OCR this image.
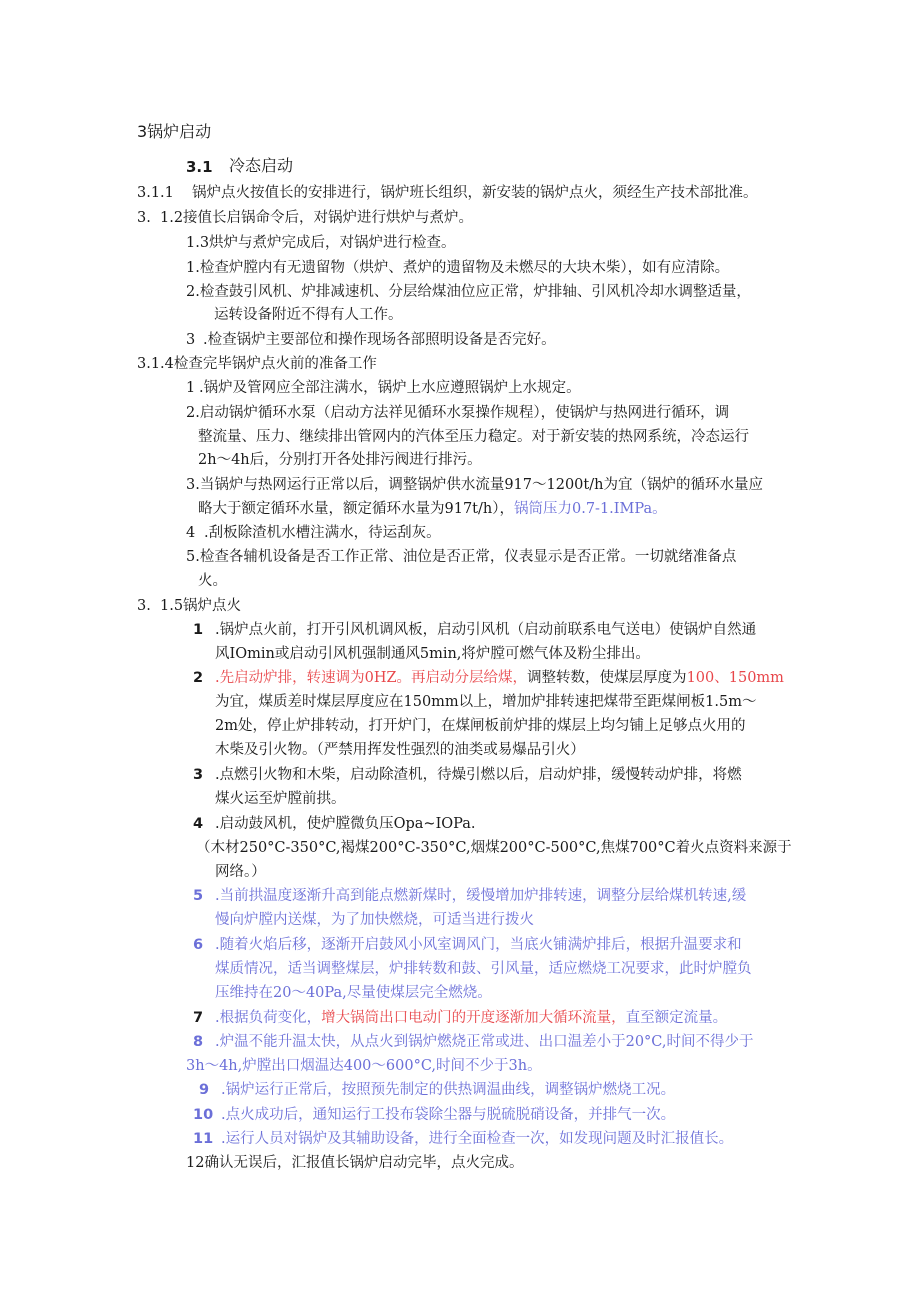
3锅炉启动
3.1 冷态启动
3.1.1 锅炉点火按值长的安排进行，锅炉班长组织，新安装的锅炉点火，须经生产技术部批准。
3. 1.2接值长启锅命令后，对锅炉进行烘炉与煮炉。
1.3烘炉与煮炉完成后，对锅炉进行检查。
1.检查炉膛内有无遗留物（烘炉、煮炉的遗留物及未燃尽的大块木柴），如有应清除。
2.检查鼓引风机、炉排减速机、分层给煤油位应正常，炉排轴、引风机冷却水调整适量，
运转设备附近不得有人工作。
3 .检查锅炉主要部位和操作现场各部照明设备是否完好。
3.1.4检查完毕锅炉点火前的准备工作
1 .锅炉及管网应全部注满水，锅炉上水应遵照锅炉上水规定。
2.启动锅炉循环水泵（启动方法祥见循环水泵操作规程），使锅炉与热网进行循环，调
整流量、压力、继续排出管网内的汽体至压力稳定。对于新安装的热网系统，冷态运行
2h～4h后，分别打开各处排污阀进行排污。
3.当锅炉与热网运行正常以后，调整锅炉供水流量917～1200t/h为宜（锅炉的循环水量应
略大于额定循环水量，额定循环水量为917t/h），锅筒压力0.7-1.IMPa。
4 .刮板除渣机水槽注满水，待运刮灰。
5.检查各辅机设备是否工作正常、油位是否正常，仪表显示是否正常。一切就绪准备点
火。
3. 1.5锅炉点火
1 .锅炉点火前，打开引风机调风板，启动引风机（启动前联系电气送电）使锅炉自然通
风IOmin或启动引风机强制通风5min,将炉膛可燃气体及粉尘排出。
2 .先启动炉排，转速调为0HZ。再启动分层给煤，调整转数，使煤层厚度为100、150mm
为宜，煤质差时煤层厚度应在150mm以上，增加炉排转速把煤带至距煤闸板1.5m～
2m处，停止炉排转动，打开炉门，在煤闸板前炉排的煤层上均匀铺上足够点火用的
木柴及引火物。（严禁用挥发性强烈的油类或易爆品引火）
3 .点燃引火物和木柴，启动除渣机，待燥引燃以后，启动炉排，缓慢转动炉排，将燃
煤火运至炉膛前拱。
4 .启动鼓风机，使炉膛微负压Opa~IOPa.
（木材250°C-350°C,褐煤200°C-350°C,烟煤200°C-500°C,焦煤700°C着火点资料来源于
网络。）
5 .当前拱温度逐渐升高到能点燃新煤时，缓慢增加炉排转速，调整分层给煤机转速,缓
慢向炉膛内送煤，为了加快燃烧，可适当进行拨火
6 .随着火焰后移，逐渐开启鼓风小风室调风门，当底火铺满炉排后，根据升温要求和
煤质情况，适当调整煤层，炉排转数和鼓、引风量，适应燃烧工况要求，此时炉膛负
压维持在20～40Pa,尽量使煤层完全燃烧。
7 .根据负荷变化，增大锅筒出口电动门的开度逐渐加大循环流量，直至额定流量。
8 .炉温不能升温太快，从点火到锅炉燃烧正常或进、出口温差小于20°C,时间不得少于
3h～4h,炉膛出口烟温达400～600°C,时间不少于3h。
9 .锅炉运行正常后，按照预先制定的供热调温曲线，调整锅炉燃烧工况。
10 .点火成功后，通知运行工投布袋除尘器与脱硫脱硝设备，并排气一次。
11 .运行人员对锅炉及其辅助设备，进行全面检查一次，如发现问题及时汇报值长。
12确认无误后，汇报值长锅炉启动完毕，点火完成。
